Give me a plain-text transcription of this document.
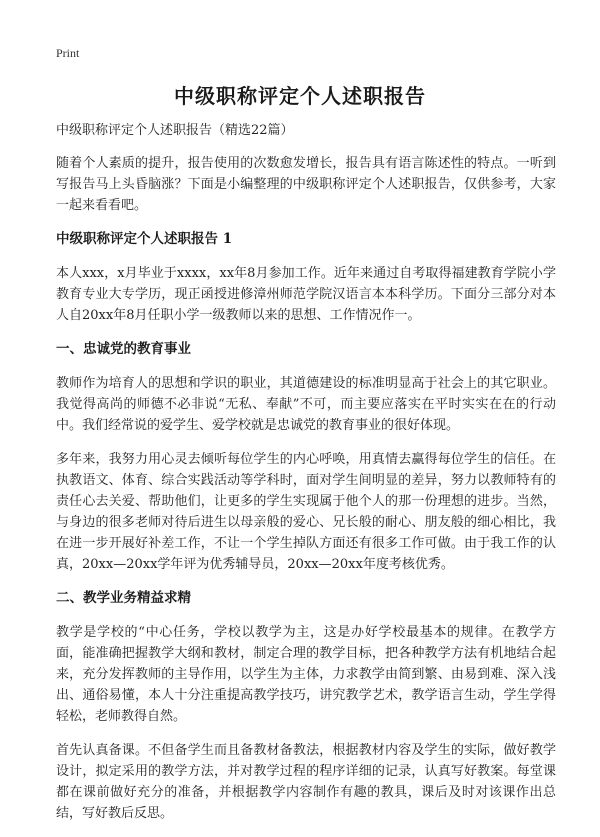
Print
中级职称评定个人述职报告

中级职称评定个人述职报告（精选22篇）

随着个人素质的提升，报告使用的次数愈发增长，报告具有语言陈述性的特点。一听到写报告马上头昏脑涨？下面是小编整理的中级职称评定个人述职报告，仅供参考，大家一起来看看吧。

中级职称评定个人述职报告 1

本人xxx，x月毕业于xxxx，xx年8月参加工作。近年来通过自考取得福建教育学院小学教育专业大专学历，现正函授进修漳州师范学院汉语言本本科学历。下面分三部分对本人自20xx年8月任职小学一级教师以来的思想、工作情况作一。

一、忠诚党的教育事业

教师作为培育人的思想和学识的职业，其道德建设的标准明显高于社会上的其它职业。我觉得高尚的师德不必非说“无私、奉献”不可，而主要应落实在平时实实在在的行动中。我们经常说的爱学生、爱学校就是忠诚党的教育事业的很好体现。

多年来，我努力用心灵去倾听每位学生的内心呼唤，用真情去赢得每位学生的信任。在执教语文、体育、综合实践活动等学科时，面对学生间明显的差异，努力以教师特有的责任心去关爱、帮助他们，让更多的学生实现属于他个人的那一份理想的进步。当然，与身边的很多老师对待后进生以母亲般的爱心、兄长般的耐心、朋友般的细心相比，我在进一步开展好补差工作，不让一个学生掉队方面还有很多工作可做。由于我工作的认真，20xx—20xx学年评为优秀辅导员，20xx—20xx年度考核优秀。

二、教学业务精益求精

教学是学校的“中心任务，学校以教学为主，这是办好学校最基本的规律。在教学方面，能准确把握教学大纲和教材，制定合理的教学目标，把各种教学方法有机地结合起来，充分发挥教师的主导作用，以学生为主体，力求教学由简到繁、由易到难、深入浅出、通俗易懂，本人十分注重提高教学技巧，讲究教学艺术，教学语言生动，学生学得轻松，老师教得自然。

首先认真备课。不但备学生而且备教材备教法，根据教材内容及学生的实际，做好教学设计，拟定采用的教学方法，并对教学过程的程序详细的记录，认真写好教案。每堂课都在课前做好充分的准备，并根据教学内容制作有趣的教具，课后及时对该课作出总结，写好教后反思。
